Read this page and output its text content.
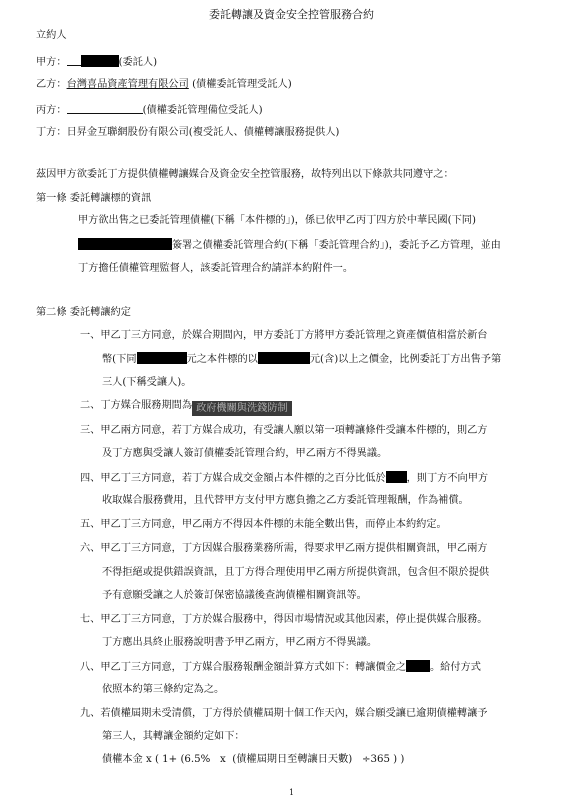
委託轉讓及資金安全控管服務合約
立約人
甲方：	(委託人)
乙方：台灣喜品資產管理有限公司 (債權委託管理受託人)
丙方：	(債權委託管理備位受託人)
丁方：日昇金互聯網股份有限公司(複受託人、債權轉讓服務提供人)
茲因甲方欲委託丁方提供債權轉讓媒合及資金安全控管服務，故特列出以下條款共同遵守之：
第一條 委託轉讓標的資訊
甲方欲出售之已委託管理債權(下稱「本件標的」)，係已依甲乙丙丁四方於中華民國(下同)
簽署之債權委託管理合約(下稱「委託管理合約」)，委託予乙方管理，並由
丁方擔任債權管理監督人，該委託管理合約請詳本約附件一。
第二條 委託轉讓約定
一、甲乙丁三方同意，於媒合期間內，甲方委託丁方將甲方委託管理之資產價值相當於新台
幣(下同	元之本件標的以	元(含)以上之價金，比例委託丁方出售予第
三人(下稱受讓人)。
二、丁方媒合服務期間為 政府機關與洗錢防制
三、甲乙兩方同意，若丁方媒合成功，有受讓人願以第一項轉讓條件受讓本件標的，則乙方
及丁方應與受讓人簽訂債權委託管理合約，甲乙兩方不得異議。
四、甲乙丁三方同意，若丁方媒合成交金額占本件標的之百分比低於 ，則丁方不向甲方
收取媒合服務費用，且代替甲方支付甲方應負擔之乙方委託管理報酬，作為補償。
五、甲乙丁三方同意，甲乙兩方不得因本件標的未能全數出售，而停止本約約定。
六、甲乙丁三方同意，丁方因媒合服務業務所需，得要求甲乙兩方提供相關資訊，甲乙兩方
不得拒絕或提供錯誤資訊，且丁方得合理使用甲乙兩方所提供資訊，包含但不限於提供
予有意願受讓之人於簽訂保密協議後查詢債權相關資訊等。
七、甲乙丁三方同意，丁方於媒合服務中，得因市場情況或其他因素，停止提供媒合服務。
丁方應出具終止服務說明書予甲乙兩方，甲乙兩方不得異議。
八、甲乙丁三方同意，丁方媒合服務報酬金額計算方式如下：轉讓價金之 。給付方式
依照本約第三條約定為之。
九、若債權屆期未受清償，丁方得於債權屆期十個工作天內，媒合願受讓已逾期債權轉讓予
第三人，其轉讓金額約定如下：
債權本金 x ( 1+ (6.5%   x  (債權屆期日至轉讓日天數)   ÷365 ) )
1
